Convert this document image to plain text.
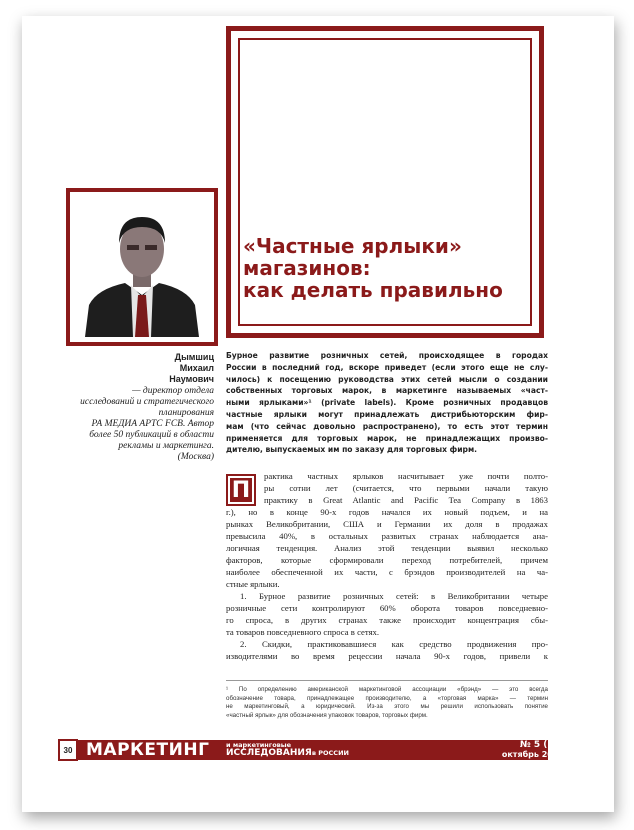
«Частные ярлыки»
магазинов:
как делать правильно
Дымшиц
Михаил
Наумович
— директор отдела
исследований и стратегического
планирования
РА МЕДИА АРТС FCB. Автор
более 50 публикаций в области
рекламы и маркетинга.
(Москва)

Бурное развитие розничных сетей, происходящее в городах
России в последний год, вскоре приведет (если этого еще не слу-
чилось) к посещению руководства этих сетей мысли о создании
собственных торговых марок, в маркетинге называемых «част-
ными ярлыками»¹ (private labels). Кроме розничных продавцов
частные ярлыки могут принадлежать дистрибьюторским фир-
мам (что сейчас довольно распространено), то есть этот термин
применяется для торговых марок, не принадлежащих произво-
дителю, выпускаемых им по заказу для торговых фирм.

П
рактика частных ярлыков насчитывает уже почти полто-
ры сотни лет (считается, что первыми начали такую
практику в Great Atlantic and Pacific Tea Company в 1863
г.), но в конце 90-х годов начался их новый подъем, и на
рынках Великобритании, США и Германии их доля в продажах
превысила 40%, в остальных развитых странах наблюдается ана-
логичная тенденция. Анализ этой тенденции выявил несколько
факторов, которые сформировали переход потребителей, причем
наиболее обеспеченной их части, с брэндов производителей на ча-
стные ярлыки.
1. Бурное развитие розничных сетей: в Великобритании четыре
розничные сети контролируют 60% оборота товаров повседневно-
го спроса, в других странах также происходит концентрация сбы-
та товаров повседневного спроса в сетях.
2. Скидки, практиковавшиеся как средство продвижения про-
изводителями во время рецессии начала 90-х годов, привели к
¹ По определению американской маркетинговой ассоциации «брэнд» — это всегда
обозначение товара, принадлежащее производителю, а «торговая марка» — термин
не маркетинговый, а юридический. Из-за этого мы решили использовать понятие
«частный ярлык» для обозначения упаковок товаров, торговых фирм.
30 МАРКЕТИНГ	и маркетинговые
ИССЛЕДОВАНИЯв РОССИИ
№ 5 (29)
октябрь 2000
